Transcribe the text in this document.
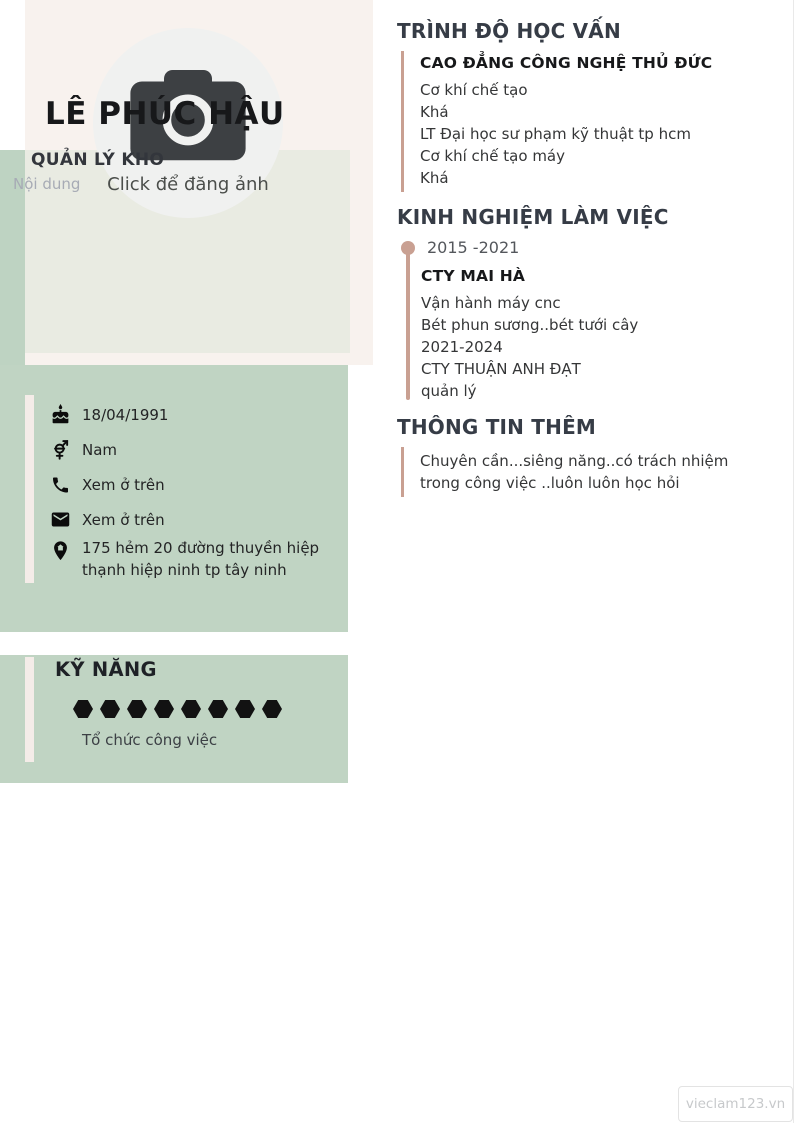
Click để đăng ảnh
LÊ PHÚC HẬU
QUẢN LÝ KHO
Nội dung
18/04/1991
Nam
Xem ở trên
Xem ở trên
175 hẻm 20 đường thuyền hiệp thạnh hiệp ninh tp tây ninh
KỸ NĂNG
Tổ chức công việc
TRÌNH ĐỘ HỌC VẤN
CAO ĐẲNG CÔNG NGHỆ THỦ ĐỨC
Cơ khí chế tạo
Khá
LT Đại học sư phạm kỹ thuật tp hcm
Cơ khí chế tạo máy
Khá
KINH NGHIỆM LÀM VIỆC
2015 -2021
CTY MAI HÀ
Vận hành máy cnc
Bét phun sương..bét tưới cây
2021-2024
CTY THUẬN ANH ĐẠT
quản lý
THÔNG TIN THÊM
Chuyên cần...siêng năng..có trách nhiệm trong công việc ..luôn luôn học hỏi
vieclam123.vn
